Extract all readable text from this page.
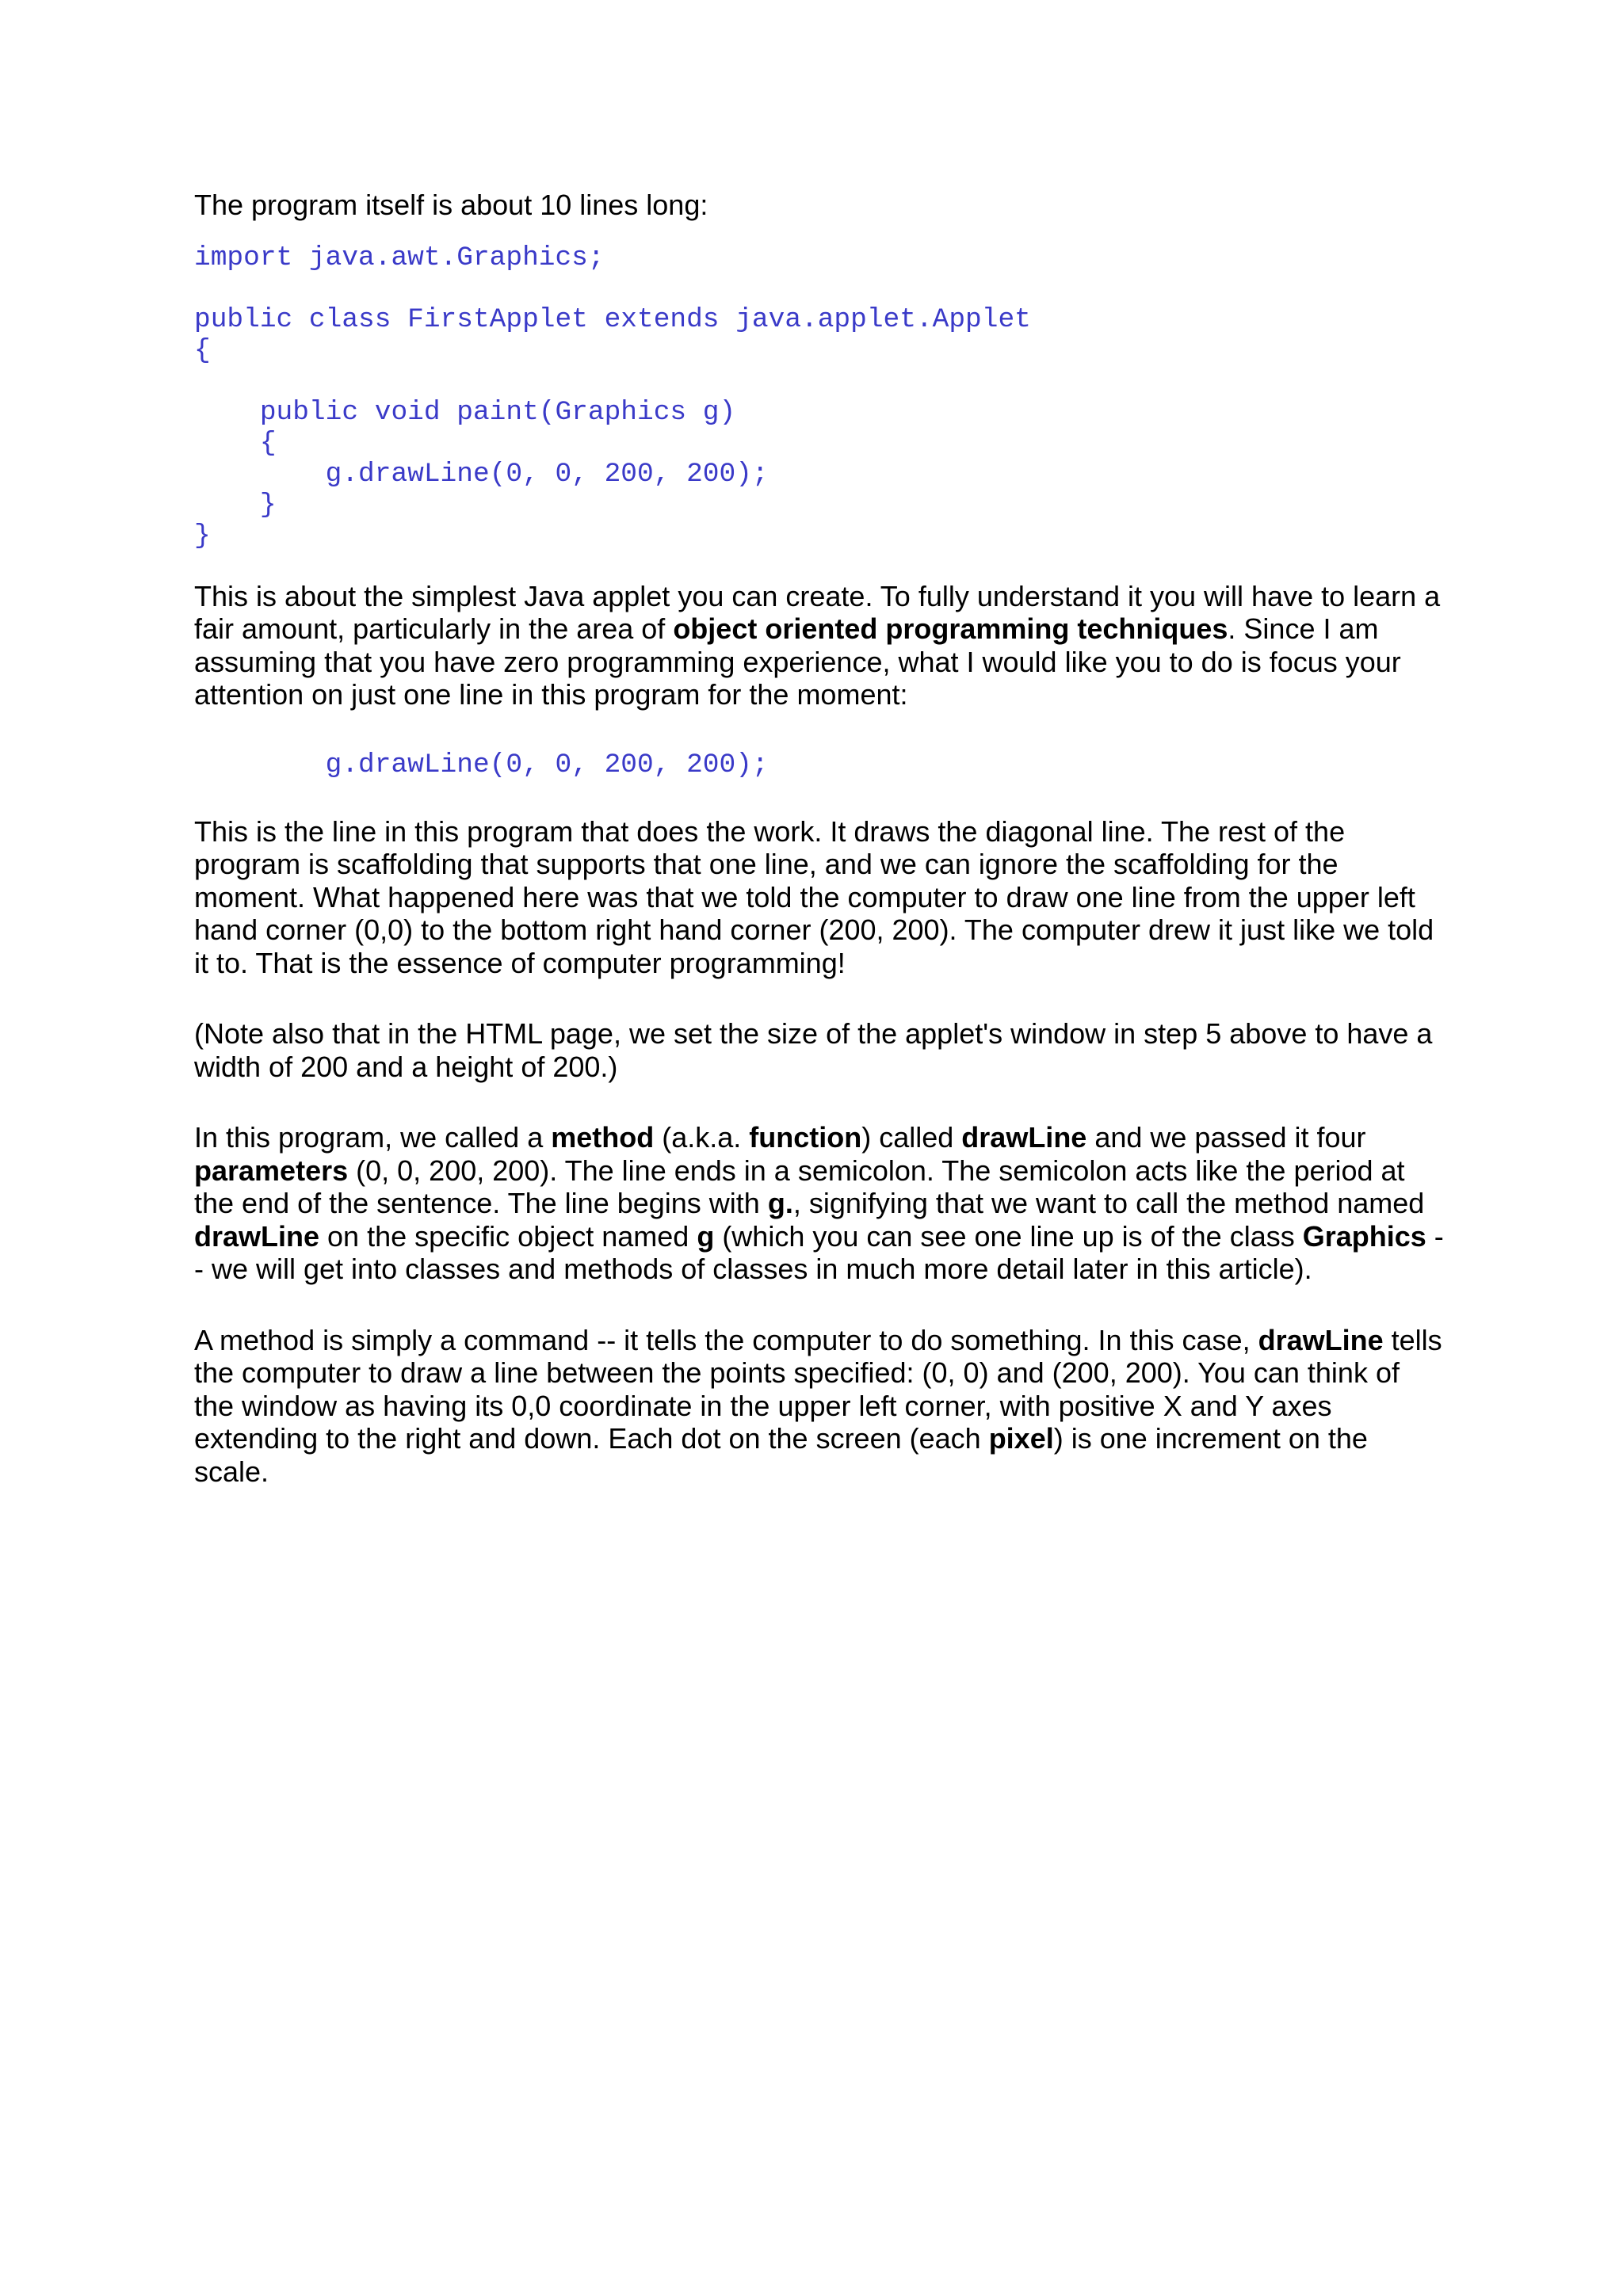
The program itself is about 10 lines long:

import java.awt.Graphics;
public class FirstApplet extends java.applet.Applet
{
public void paint(Graphics g)
{
g.drawLine(0, 0, 200, 200);
}
}

This is about the simplest Java applet you can create. To fully understand it you will have to learn a fair amount, particularly in the area of object oriented programming techniques. Since I am assuming that you have zero programming experience, what I would like you to do is focus your attention on just one line in this program for the moment:

g.drawLine(0, 0, 200, 200);

This is the line in this program that does the work. It draws the diagonal line. The rest of the program is scaffolding that supports that one line, and we can ignore the scaffolding for the moment. What happened here was that we told the computer to draw one line from the upper left hand corner (0,0) to the bottom right hand corner (200, 200). The computer drew it just like we told it to. That is the essence of computer programming!

(Note also that in the HTML page, we set the size of the applet's window in step 5 above to have a width of 200 and a height of 200.)

In this program, we called a method (a.k.a. function) called drawLine and we passed it four parameters (0, 0, 200, 200). The line ends in a semicolon. The semicolon acts like the period at the end of the sentence. The line begins with g., signifying that we want to call the method named drawLine on the specific object named g (which you can see one line up is of the class Graphics -- we will get into classes and methods of classes in much more detail later in this article).

A method is simply a command -- it tells the computer to do something. In this case, drawLine tells the computer to draw a line between the points specified: (0, 0) and (200, 200). You can think of the window as having its 0,0 coordinate in the upper left corner, with positive X and Y axes extending to the right and down. Each dot on the screen (each pixel) is one increment on the scale.
